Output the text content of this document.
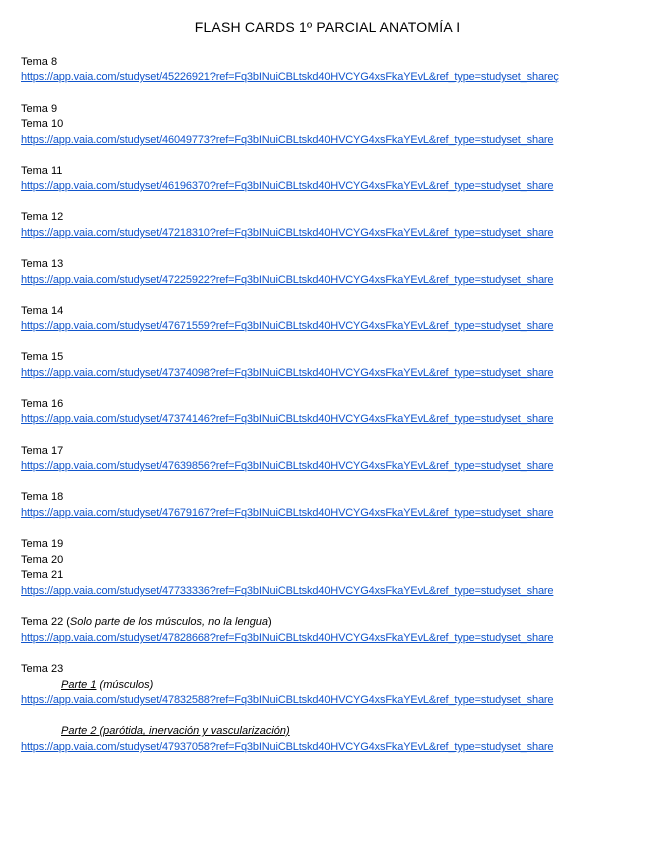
FLASH CARDS 1º PARCIAL ANATOMÍA I
Tema 8
https://app.vaia.com/studyset/45226921?ref=Fq3bINuiCBLtskd40HVCYG4xsFkaYEvL&ref_type=studyset_shareç
Tema 9
Tema 10
https://app.vaia.com/studyset/46049773?ref=Fq3bINuiCBLtskd40HVCYG4xsFkaYEvL&ref_type=studyset_share
Tema 11
https://app.vaia.com/studyset/46196370?ref=Fq3bINuiCBLtskd40HVCYG4xsFkaYEvL&ref_type=studyset_share
Tema 12
https://app.vaia.com/studyset/47218310?ref=Fq3bINuiCBLtskd40HVCYG4xsFkaYEvL&ref_type=studyset_share
Tema 13
https://app.vaia.com/studyset/47225922?ref=Fq3bINuiCBLtskd40HVCYG4xsFkaYEvL&ref_type=studyset_share
Tema 14
https://app.vaia.com/studyset/47671559?ref=Fq3bINuiCBLtskd40HVCYG4xsFkaYEvL&ref_type=studyset_share
Tema 15
https://app.vaia.com/studyset/47374098?ref=Fq3bINuiCBLtskd40HVCYG4xsFkaYEvL&ref_type=studyset_share
Tema 16
https://app.vaia.com/studyset/47374146?ref=Fq3bINuiCBLtskd40HVCYG4xsFkaYEvL&ref_type=studyset_share
Tema 17
https://app.vaia.com/studyset/47639856?ref=Fq3bINuiCBLtskd40HVCYG4xsFkaYEvL&ref_type=studyset_share
Tema 18
https://app.vaia.com/studyset/47679167?ref=Fq3bINuiCBLtskd40HVCYG4xsFkaYEvL&ref_type=studyset_share
Tema 19
Tema 20
Tema 21
https://app.vaia.com/studyset/47733336?ref=Fq3bINuiCBLtskd40HVCYG4xsFkaYEvL&ref_type=studyset_share
Tema 22 (Solo parte de los músculos, no la lengua)
https://app.vaia.com/studyset/47828668?ref=Fq3bINuiCBLtskd40HVCYG4xsFkaYEvL&ref_type=studyset_share
Tema 23
Parte 1 (músculos)
https://app.vaia.com/studyset/47832588?ref=Fq3bINuiCBLtskd40HVCYG4xsFkaYEvL&ref_type=studyset_share
Parte 2 (parótida, inervación y vascularización)
https://app.vaia.com/studyset/47937058?ref=Fq3bINuiCBLtskd40HVCYG4xsFkaYEvL&ref_type=studyset_share
